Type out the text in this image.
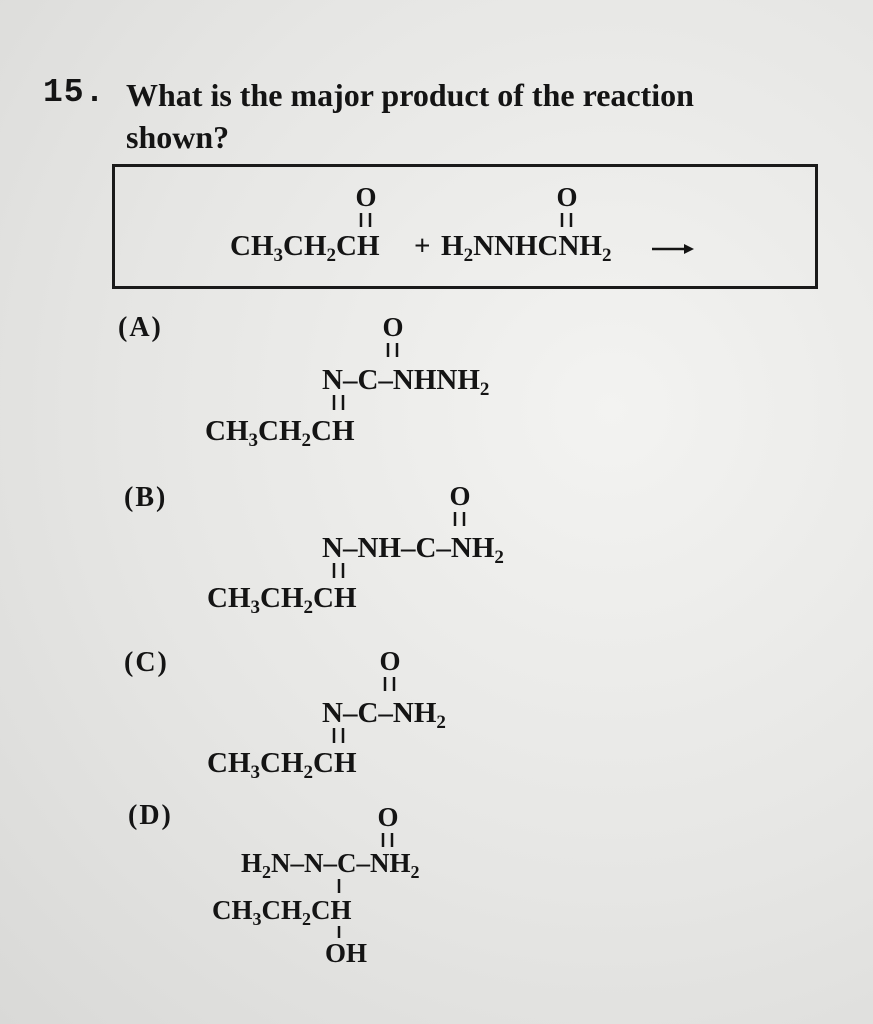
15. What is the major product of the reaction shown?
(A)
(B)
(C)
(D)
O
$CH_3CH_2CH$ +
O
$H_2NNHCNH_2$
O
$N-C-NHNH_2$
$CH_3CH_2CH$
O
$N-NH-C-NH_2$
$CH_3CH_2CH$
O
$N-C-NH_2$
$CH_3CH_2CH$
O
$H_2N-N-C-NH_2$
$CH_3CH_2CH$
OH
